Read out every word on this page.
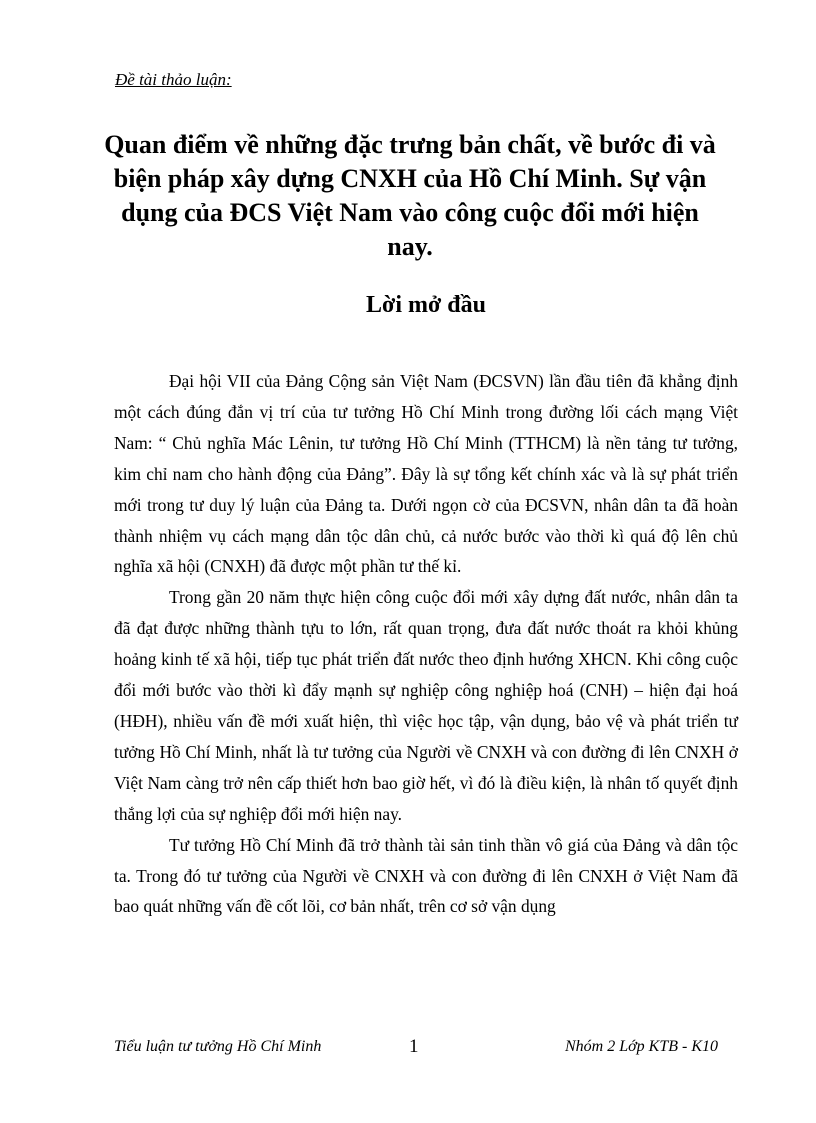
Đề tài thảo luận:
Quan điểm về những đặc trưng bản chất, về bước đi và biện pháp xây dựng CNXH của Hồ Chí Minh. Sự vận dụng của ĐCS Việt Nam vào công cuộc đổi mới hiện nay.
Lời mở đầu

Đại hội VII của Đảng Cộng sản Việt Nam (ĐCSVN) lần đầu tiên đã khẳng định một cách đúng đắn vị trí của tư tưởng Hồ Chí Minh trong đường lối cách mạng Việt Nam: “ Chủ nghĩa Mác Lênin, tư tưởng Hồ Chí Minh (TTHCM) là nền tảng tư tưởng, kim chỉ nam cho hành động của Đảng”. Đây là sự tổng kết chính xác và là sự phát triển mới trong tư duy lý luận của Đảng ta. Dưới ngọn cờ của ĐCSVN, nhân dân ta đã hoàn thành nhiệm vụ cách mạng dân tộc dân chủ, cả nước bước vào thời kì quá độ lên chủ nghĩa xã hội (CNXH) đã được một phần tư thế kỉ.

Trong gần 20 năm thực hiện công cuộc đổi mới xây dựng đất nước, nhân dân ta đã đạt được những thành tựu to lớn, rất quan trọng, đưa đất nước thoát ra khỏi khủng hoảng kinh tế xã hội, tiếp tục phát triển đất nước theo định hướng XHCN. Khi công cuộc đổi mới bước vào thời kì đẩy mạnh sự nghiệp công nghiệp hoá (CNH) – hiện đại hoá (HĐH), nhiều vấn đề mới xuất hiện, thì việc học tập, vận dụng, bảo vệ và phát triển tư tưởng Hồ Chí Minh, nhất là tư tưởng của Người về CNXH và con đường đi lên CNXH ở Việt Nam càng trở nên cấp thiết hơn bao giờ hết, vì đó là điều kiện, là nhân tố quyết định thắng lợi của sự nghiệp đổi mới hiện nay.

Tư tưởng Hồ Chí Minh đã trở thành tài sản tinh thần vô giá của Đảng và dân tộc ta. Trong đó tư tưởng của Người về CNXH và con đường đi lên CNXH ở Việt Nam đã bao quát những vấn đề cốt lõi, cơ bản nhất, trên cơ sở vận dụng

Tiểu luận tư tưởng Hồ Chí Minh	1	Nhóm 2 Lớp KTB - K10
